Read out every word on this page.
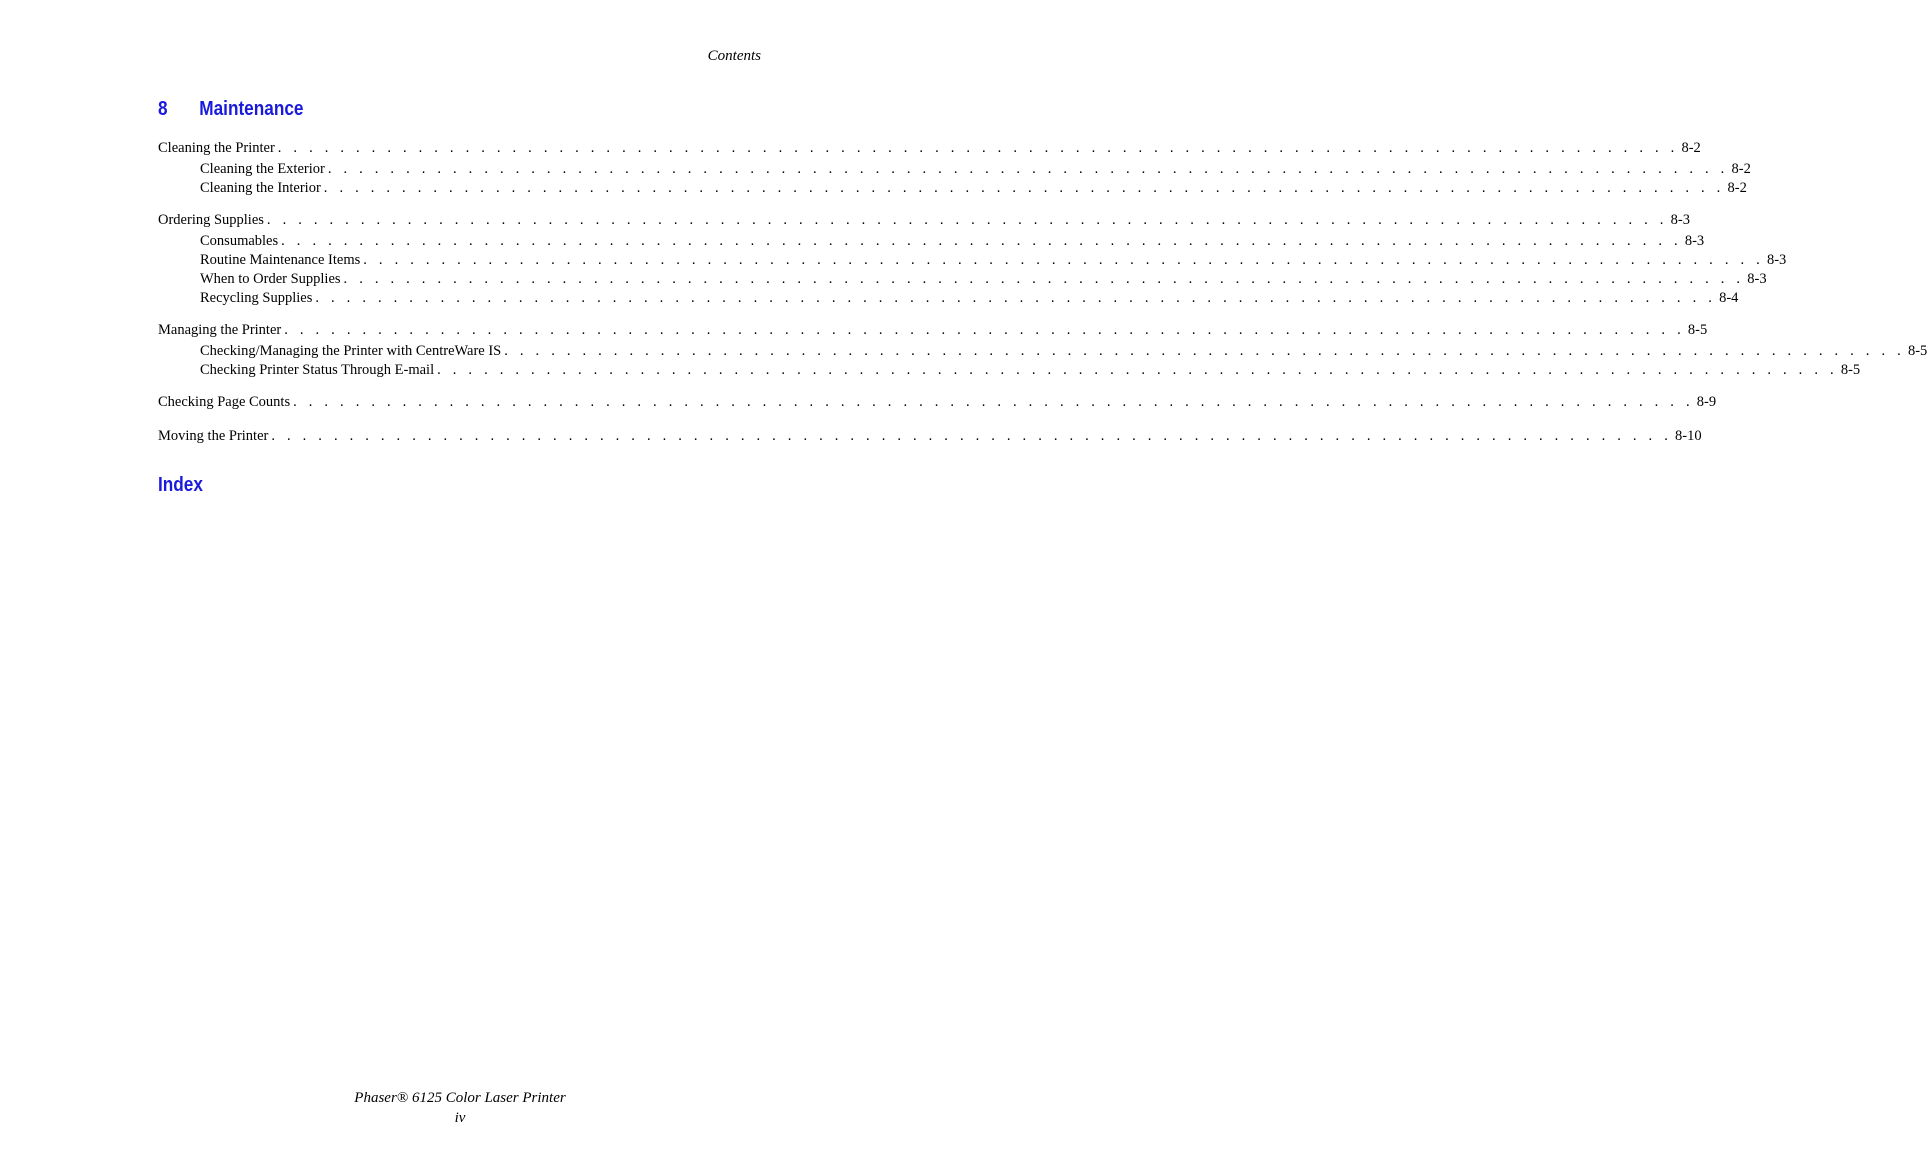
Contents
8 Maintenance
Cleaning the Printer . . . . . . . . . . . . . . . . . . . . . . . . . . . . . . . . . . . . . . . . . . . . . . . . . . . . . . . . . . . . . . . . . . . . . . . . . . . . . . . . . . . . . . . . . . 8-2
Cleaning the Exterior . . . . . . . . . . . . . . . . . . . . . . . . . . . . . . . . . . . . . . . . . . . . . . . . . . . . . . . . . . . . . . . . . . . . . . . . . . . . . . . . . . . . . . . . . . 8-2
Cleaning the Interior . . . . . . . . . . . . . . . . . . . . . . . . . . . . . . . . . . . . . . . . . . . . . . . . . . . . . . . . . . . . . . . . . . . . . . . . . . . . . . . . . . . . . . . . . . 8-2
Ordering Supplies . . . . . . . . . . . . . . . . . . . . . . . . . . . . . . . . . . . . . . . . . . . . . . . . . . . . . . . . . . . . . . . . . . . . . . . . . . . . . . . . . . . . . . . . . . 8-3
Consumables . . . . . . . . . . . . . . . . . . . . . . . . . . . . . . . . . . . . . . . . . . . . . . . . . . . . . . . . . . . . . . . . . . . . . . . . . . . . . . . . . . . . . . . . . . 8-3
Routine Maintenance Items . . . . . . . . . . . . . . . . . . . . . . . . . . . . . . . . . . . . . . . . . . . . . . . . . . . . . . . . . . . . . . . . . . . . . . . . . . . . . . . . . . . . . . . . . . 8-3
When to Order Supplies . . . . . . . . . . . . . . . . . . . . . . . . . . . . . . . . . . . . . . . . . . . . . . . . . . . . . . . . . . . . . . . . . . . . . . . . . . . . . . . . . . . . . . . . . . 8-3
Recycling Supplies . . . . . . . . . . . . . . . . . . . . . . . . . . . . . . . . . . . . . . . . . . . . . . . . . . . . . . . . . . . . . . . . . . . . . . . . . . . . . . . . . . . . . . . . . . 8-4
Managing the Printer . . . . . . . . . . . . . . . . . . . . . . . . . . . . . . . . . . . . . . . . . . . . . . . . . . . . . . . . . . . . . . . . . . . . . . . . . . . . . . . . . . . . . . . . . . 8-5
Checking/Managing the Printer with CentreWare IS . . . . . . . . . . . . . . . . . . . . . . . . . . . . . . . . . . . . . . . . . . . . . . . . . . . . . . . . . . . . . . . . . . . . . . . . . . . . . . . . . . . . . . . . . . 8-5
Checking Printer Status Through E-mail . . . . . . . . . . . . . . . . . . . . . . . . . . . . . . . . . . . . . . . . . . . . . . . . . . . . . . . . . . . . . . . . . . . . . . . . . . . . . . . . . . . . . . . . . . 8-5
Checking Page Counts . . . . . . . . . . . . . . . . . . . . . . . . . . . . . . . . . . . . . . . . . . . . . . . . . . . . . . . . . . . . . . . . . . . . . . . . . . . . . . . . . . . . . . . . . . 8-9
Moving the Printer . . . . . . . . . . . . . . . . . . . . . . . . . . . . . . . . . . . . . . . . . . . . . . . . . . . . . . . . . . . . . . . . . . . . . . . . . . . . . . . . . . . . . . . . . . 8-10
Index
Phaser® 6125 Color Laser Printer
iv
